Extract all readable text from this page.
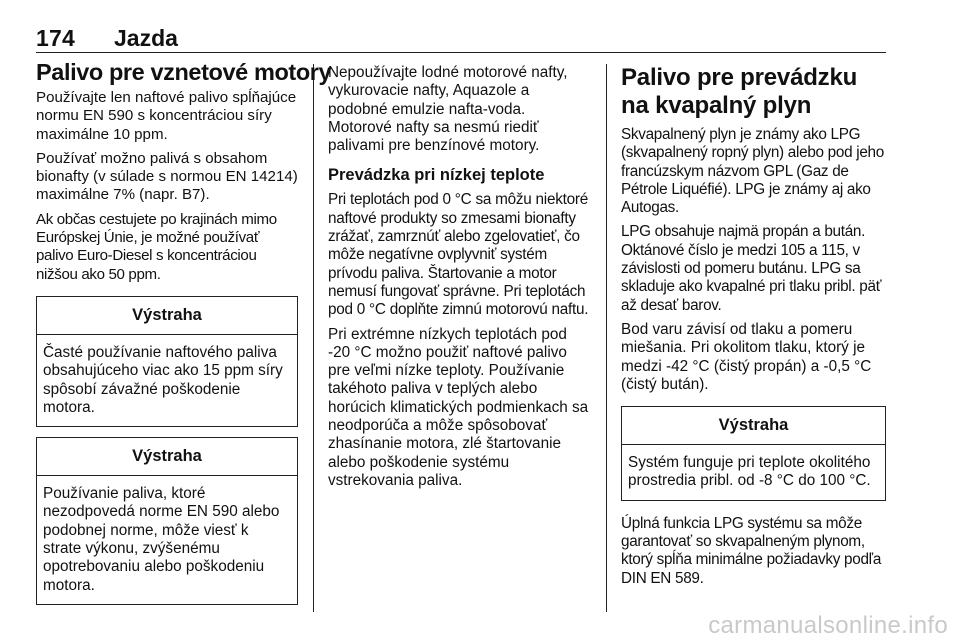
174 Jazda
Palivo pre vznetové motory

Používajte len naftové palivo spĺňajúce normu EN 590 s koncentráciou síry maximálne 10 ppm.

Používať možno palivá s obsahom bionafty (v súlade s normou EN 14214) maximálne 7% (napr. B7).

Ak občas cestujete po krajinách mimo Európskej Únie, je možné používať palivo Euro-Diesel s koncentráciou nižšou ako 50 ppm.

Výstraha
Časté používanie naftového paliva obsahujúceho viac ako 15 ppm síry spôsobí závažné poškodenie motora.
Výstraha
Používanie paliva, ktoré nezodpovedá norme EN 590 alebo podobnej norme, môže viesť k strate výkonu, zvýšenému opotrebovaniu alebo poškodeniu motora.

Nepoužívajte lodné motorové nafty, vykurovacie nafty, Aquazole a podobné emulzie nafta-voda. Motorové nafty sa nesmú riediť palivami pre benzínové motory.

Prevádzka pri nízkej teplote

Pri teplotách pod 0 °C sa môžu niektoré naftové produkty so zmesami bionafty zrážať, zamrznúť alebo zgelovatieť, čo môže negatívne ovplyvniť systém prívodu paliva. Štartovanie a motor nemusí fungovať správne. Pri teplotách pod 0 °C doplňte zimnú motorovú naftu.

Pri extrémne nízkych teplotách pod -20 °C možno použiť naftové palivo pre veľmi nízke teploty. Používanie takéhoto paliva v teplých alebo horúcich klimatických podmienkach sa neodporúča a môže spôsobovať zhasínanie motora, zlé štartovanie alebo poškodenie systému vstrekovania paliva.

Palivo pre prevádzku na kvapalný plyn

Skvapalnený plyn je známy ako LPG (skvapalnený ropný plyn) alebo pod jeho francúzskym názvom GPL (Gaz de Pétrole Liquéfié). LPG je známy aj ako Autogas.

LPG obsahuje najmä propán a bután. Oktánové číslo je medzi 105 a 115, v závislosti od pomeru butánu. LPG sa skladuje ako kvapalné pri tlaku pribl. päť až desať barov.

Bod varu závisí od tlaku a pomeru miešania. Pri okolitom tlaku, ktorý je medzi -42 °C (čistý propán) a -0,5 °C (čistý bután).

Výstraha
Systém funguje pri teplote okolitého prostredia pribl. od -8 °C do 100 °C.

Úplná funkcia LPG systému sa môže garantovať so skvapalneným plynom, ktorý spĺňa minimálne požiadavky podľa DIN EN 589.

carmanualsonline.info
